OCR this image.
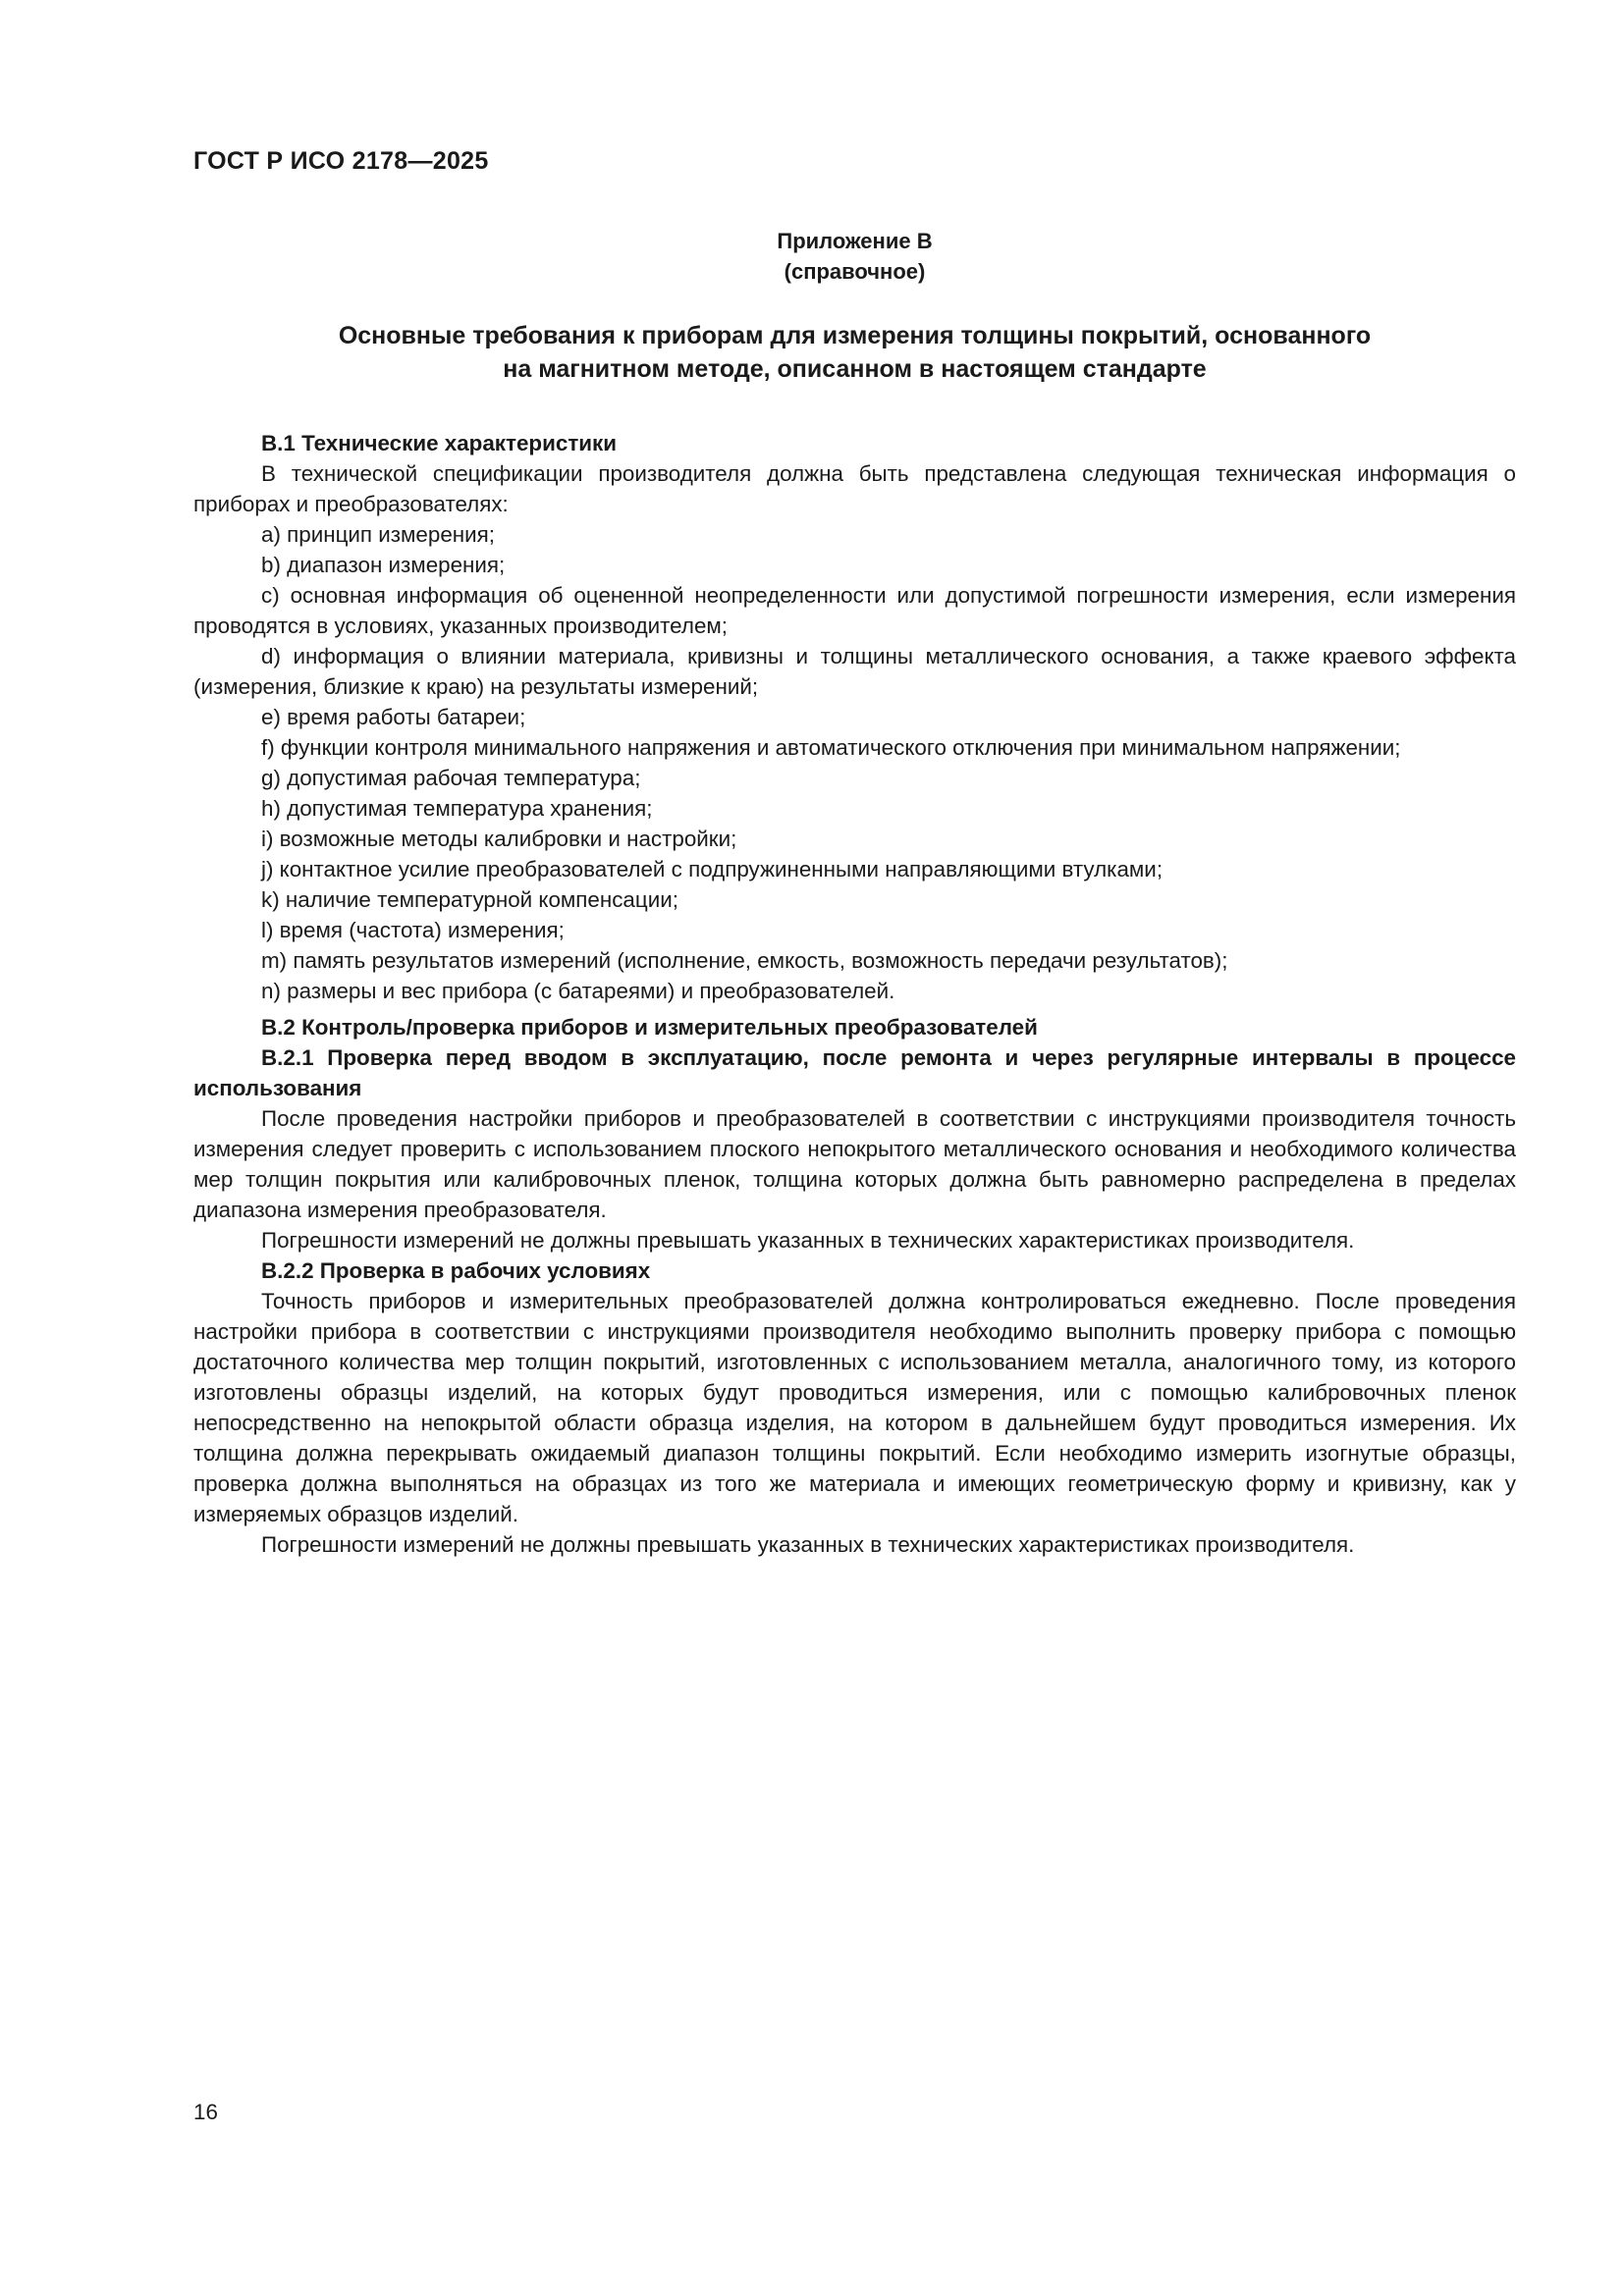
ГОСТ Р ИСО 2178—2025
Приложение В
(справочное)
Основные требования к приборам для измерения толщины покрытий, основанного
на магнитном методе, описанном в настоящем стандарте

В.1 Технические характеристики

В технической спецификации производителя должна быть представлена следующая техническая информация о приборах и преобразователях:

a) принцип измерения;

b) диапазон измерения;

c) основная информация об оцененной неопределенности или допустимой погрешности измерения, если измерения проводятся в условиях, указанных производителем;

d) информация о влиянии материала, кривизны и толщины металлического основания, а также краевого эффекта (измерения, близкие к краю) на результаты измерений;

e) время работы батареи;

f) функции контроля минимального напряжения и автоматического отключения при минимальном напряжении;

g) допустимая рабочая температура;

h) допустимая температура хранения;

i) возможные методы калибровки и настройки;

j) контактное усилие преобразователей с подпружиненными направляющими втулками;

k) наличие температурной компенсации;

l) время (частота) измерения;

m) память результатов измерений (исполнение, емкость, возможность передачи результатов);

n) размеры и вес прибора (с батареями) и преобразователей.

В.2 Контроль/проверка приборов и измерительных преобразователей

В.2.1 Проверка перед вводом в эксплуатацию, после ремонта и через регулярные интервалы в процессе использования

После проведения настройки приборов и преобразователей в соответствии с инструкциями производителя точность измерения следует проверить с использованием плоского непокрытого металлического основания и необходимого количества мер толщин покрытия или калибровочных пленок, толщина которых должна быть равномерно распределена в пределах диапазона измерения преобразователя.

Погрешности измерений не должны превышать указанных в технических характеристиках производителя.

В.2.2 Проверка в рабочих условиях

Точность приборов и измерительных преобразователей должна контролироваться ежедневно. После проведения настройки прибора в соответствии с инструкциями производителя необходимо выполнить проверку прибора с помощью достаточного количества мер толщин покрытий, изготовленных с использованием металла, аналогичного тому, из которого изготовлены образцы изделий, на которых будут проводиться измерения, или с помощью калибровочных пленок непосредственно на непокрытой области образца изделия, на котором в дальнейшем будут проводиться измерения. Их толщина должна перекрывать ожидаемый диапазон толщины покрытий. Если необходимо измерить изогнутые образцы, проверка должна выполняться на образцах из того же материала и имеющих геометрическую форму и кривизну, как у измеряемых образцов изделий.

Погрешности измерений не должны превышать указанных в технических характеристиках производителя.

16
